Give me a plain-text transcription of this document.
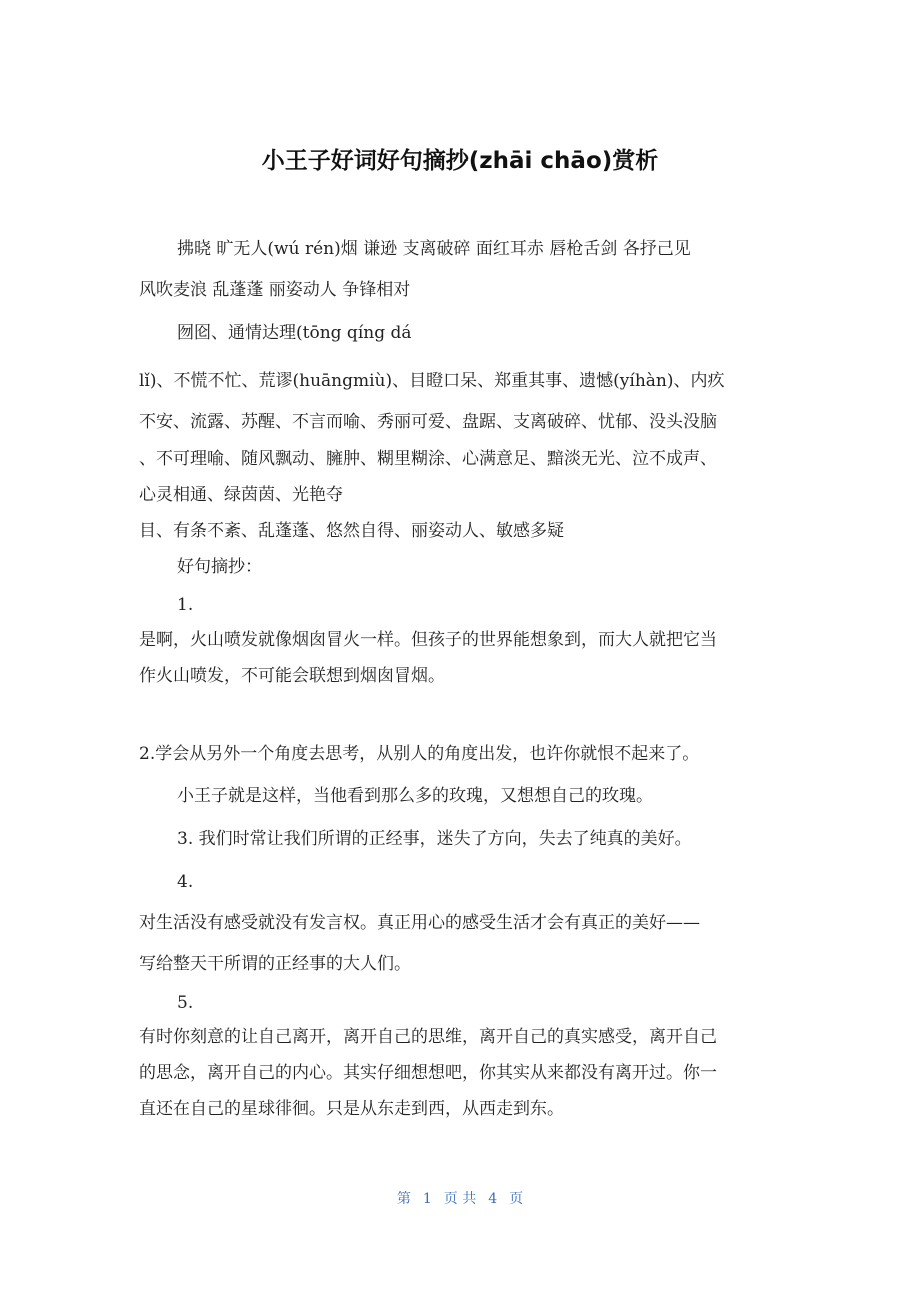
小王子好词好句摘抄(zhāi chāo)赏析
拂晓 旷无人(wú rén)烟 谦逊 支离破碎 面红耳赤 唇枪舌剑 各抒己见
风吹麦浪 乱蓬蓬 丽姿动人 争锋相对
囫囵、通情达理(tōng qíng dá
lǐ)、不慌不忙、荒谬(huāngmiù)、目瞪口呆、郑重其事、遗憾(yíhàn)、内疚
不安、流露、苏醒、不言而喻、秀丽可爱、盘踞、支离破碎、忧郁、没头没脑
、不可理喻、随风飘动、臃肿、糊里糊涂、心满意足、黯淡无光、泣不成声、
心灵相通、绿茵茵、光艳夺
目、有条不紊、乱蓬蓬、悠然自得、丽姿动人、敏感多疑
好句摘抄：
1.
是啊，火山喷发就像烟囱冒火一样。但孩子的世界能想象到，而大人就把它当
作火山喷发，不可能会联想到烟囱冒烟。
2.学会从另外一个角度去思考，从别人的角度出发，也许你就恨不起来了。
小王子就是这样，当他看到那么多的玫瑰，又想想自己的玫瑰。
3. 我们时常让我们所谓的正经事，迷失了方向，失去了纯真的美好。
4.
对生活没有感受就没有发言权。真正用心的感受生活才会有真正的美好——
写给整天干所谓的正经事的大人们。
5.
有时你刻意的让自己离开，离开自己的思维，离开自己的真实感受，离开自己
的思念，离开自己的内心。其实仔细想想吧，你其实从来都没有离开过。你一
直还在自己的星球徘徊。只是从东走到西，从西走到东。
第 1 页 共 4 页
